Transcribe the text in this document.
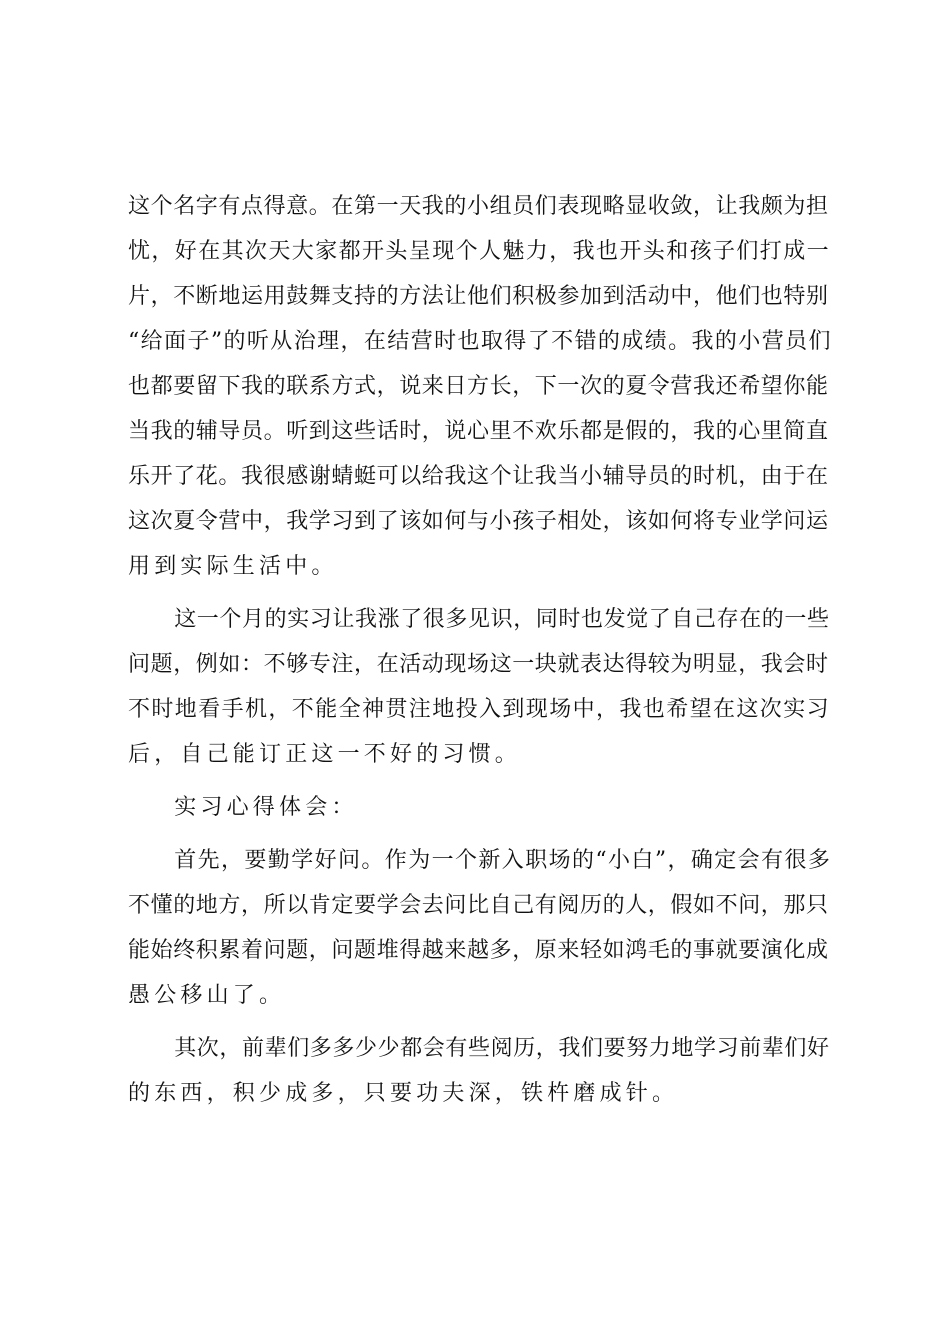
这个名字有点得意。在第一天我的小组员们表现略显收敛，让我颇为担
忧，好在其次天大家都开头呈现个人魅力，我也开头和孩子们打成一
片，不断地运用鼓舞支持的方法让他们积极参加到活动中，他们也特别
“给面子”的听从治理，在结营时也取得了不错的成绩。我的小营员们
也都要留下我的联系方式，说来日方长，下一次的夏令营我还希望你能
当我的辅导员。听到这些话时，说心里不欢乐都是假的，我的心里简直
乐开了花。我很感谢蜻蜓可以给我这个让我当小辅导员的时机，由于在
这次夏令营中，我学习到了该如何与小孩子相处，该如何将专业学问运
用到实际生活中。

这一个月的实习让我涨了很多见识，同时也发觉了自己存在的一些
问题，例如：不够专注，在活动现场这一块就表达得较为明显，我会时
不时地看手机，不能全神贯注地投入到现场中，我也希望在这次实习
后，自己能订正这一不好的习惯。

实习心得体会：

首先，要勤学好问。作为一个新入职场的“小白”，确定会有很多
不懂的地方，所以肯定要学会去问比自己有阅历的人，假如不问，那只
能始终积累着问题，问题堆得越来越多，原来轻如鸿毛的事就要演化成
愚公移山了。

其次，前辈们多多少少都会有些阅历，我们要努力地学习前辈们好
的东西，积少成多，只要功夫深，铁杵磨成针。
